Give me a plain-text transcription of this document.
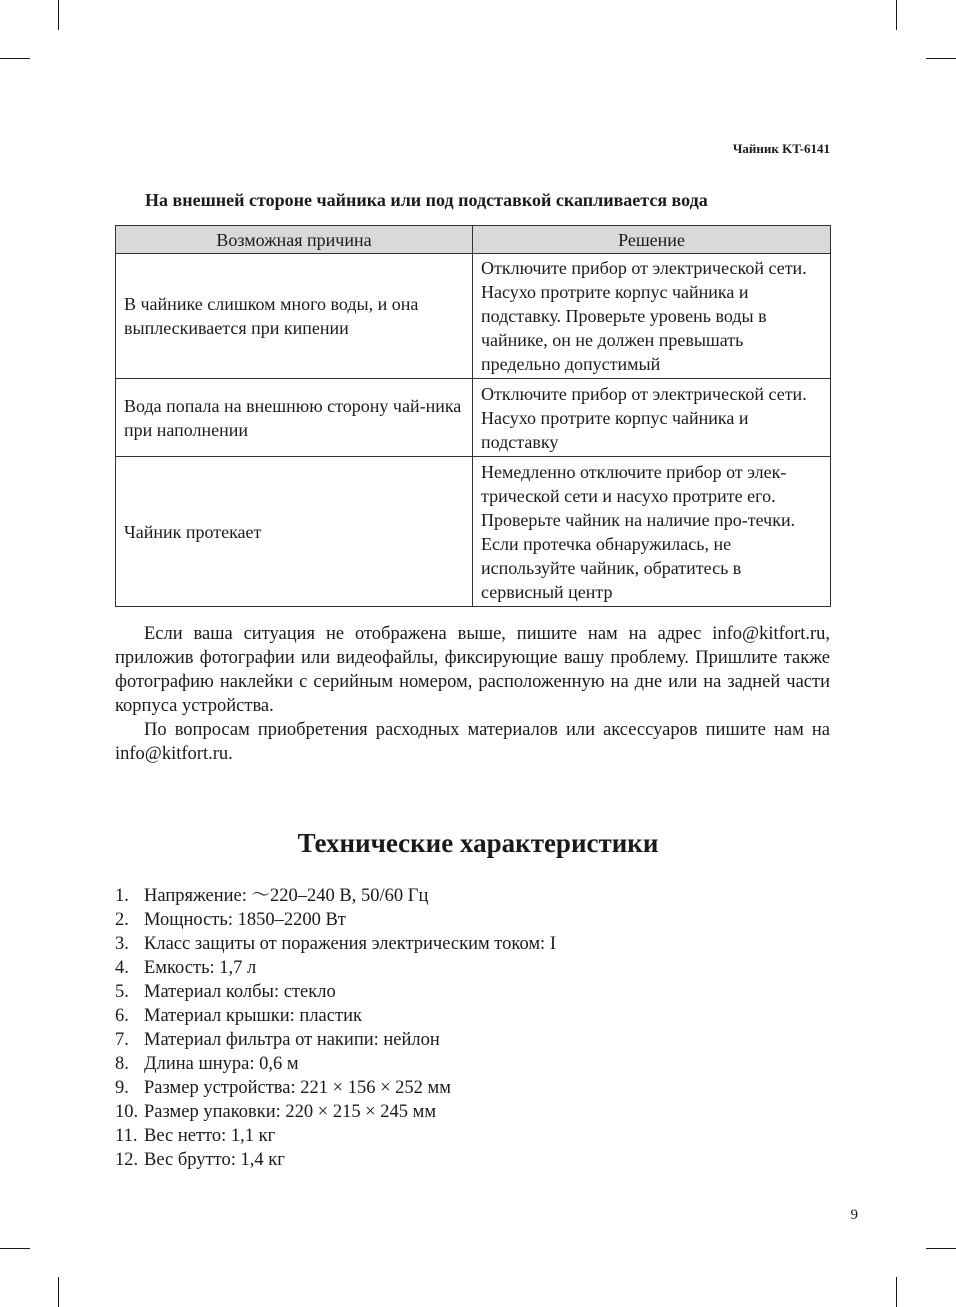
Чайник KT-6141
На внешней стороне чайника или под подставкой скапливается вода
Возможная причина	Решение
В чайнике слишком много воды, и она выплескивается при кипении	Отключите прибор от электрической сети. Насухо протрите корпус чайника и подставку. Проверьте уровень воды в чайнике, он не должен превышать предельно допустимый
Вода попала на внешнюю сторону чай-ника при наполнении	Отключите прибор от электрической сети. Насухо протрите корпус чайника и подставку
Чайник протекает	Немедленно отключите прибор от элек-трической сети и насухо протрите его. Проверьте чайник на наличие про-течки. Если протечка обнаружилась, не используйте чайник, обратитесь в сервисный центр

Если ваша ситуация не отображена выше, пишите нам на адрес info@kitfort.ru, приложив фотографии или видеофайлы, фиксирующие вашу проблему. Пришлите также фотографию наклейки с серийным номером, расположенную на дне или на задней части корпуса устройства.

По вопросам приобретения расходных материалов или аксессуаров пишите нам на info@kitfort.ru.

Технические характеристики
1. Напряжение: ～220–240 В, 50/60 Гц
2. Мощность: 1850–2200 Вт
3. Класс защиты от поражения электрическим током: I
4. Емкость: 1,7 л
5. Материал колбы: стекло
6. Материал крышки: пластик
7. Материал фильтра от накипи: нейлон
8. Длина шнура: 0,6 м
9. Размер устройства: 221 × 156 × 252 мм
10. Размер упаковки: 220 × 215 × 245 мм
11. Вес нетто: 1,1 кг
12. Вес брутто: 1,4 кг
9
